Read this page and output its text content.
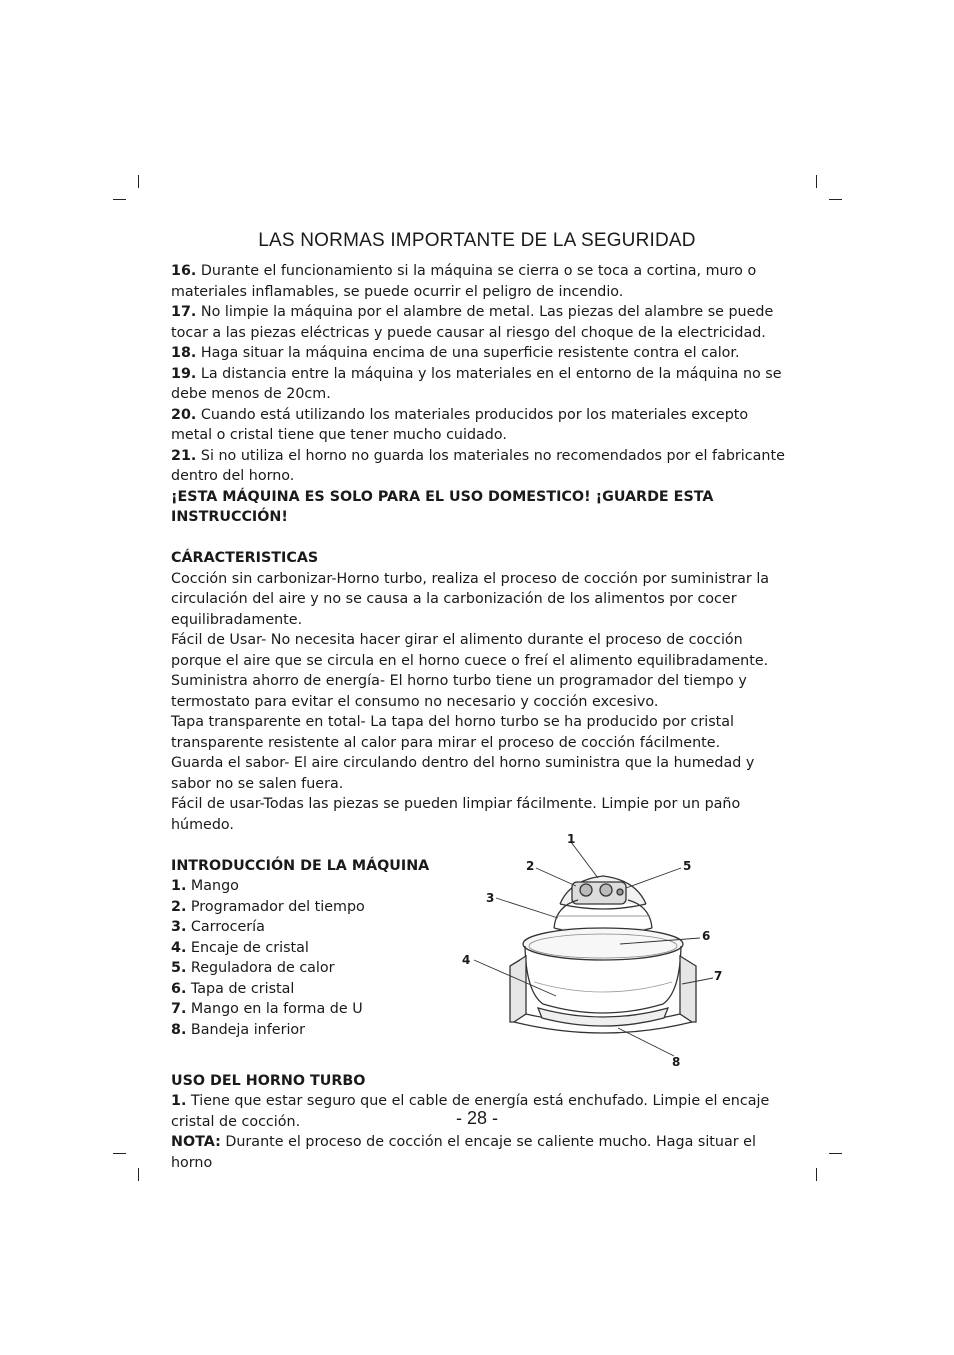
LAS NORMAS IMPORTANTE DE LA SEGURIDAD

16. Durante el funcionamiento si la máquina se cierra o se toca a cortina, muro o materiales inflamables, se puede ocurrir el peligro de incendio.

17. No limpie la máquina por el alambre de metal. Las piezas del alambre se puede tocar a las piezas eléctricas y puede causar al riesgo del choque de la electricidad.

18. Haga situar la máquina encima de una superficie resistente contra el calor.

19. La distancia entre la máquina y los materiales en el entorno de la máquina no se debe menos de 20cm.

20. Cuando está utilizando los materiales producidos por los materiales excepto metal o cristal tiene que tener mucho cuidado.

21. Si no utiliza el horno no guarda los materiales no recomendados por el fabricante dentro del horno.

¡ESTA MÁQUINA ES SOLO PARA EL USO DOMESTICO! ¡GUARDE ESTA INSTRUCCIÓN!

CÁRACTERISTICAS

Cocción sin carbonizar-Horno turbo, realiza el proceso de cocción por suministrar la circulación del aire y no se causa a la carbonización de los alimentos por cocer equilibradamente.

Fácil de Usar- No necesita hacer girar el alimento durante el proceso de cocción porque el aire que se circula en el horno cuece o freí el alimento equilibradamente.

Suministra ahorro de energía- El horno turbo tiene un programador del tiempo y termostato para evitar el consumo no necesario y cocción excesivo.

Tapa transparente en total- La tapa del horno turbo se ha producido por cristal transparente resistente al calor para mirar el proceso de cocción fácilmente.

Guarda el sabor- El aire circulando dentro del horno suministra que la humedad y sabor no se salen fuera.

Fácil de usar-Todas las piezas se pueden limpiar fácilmente. Limpie por un paño húmedo.

INTRODUCCIÓN DE LA MÁQUINA

1. Mango

2. Programador del tiempo

3. Carrocería

4. Encaje de cristal

5. Reguladora de calor

6. Tapa de cristal

7. Mango en la forma de U

8. Bandeja inferior

1
2
3
4
5
6
7
8

USO DEL HORNO TURBO

1. Tiene que estar seguro que el cable de energía está enchufado. Limpie el encaje cristal de cocción.

NOTA: Durante el proceso de cocción el encaje se caliente mucho. Haga situar el horno

- 28 -
